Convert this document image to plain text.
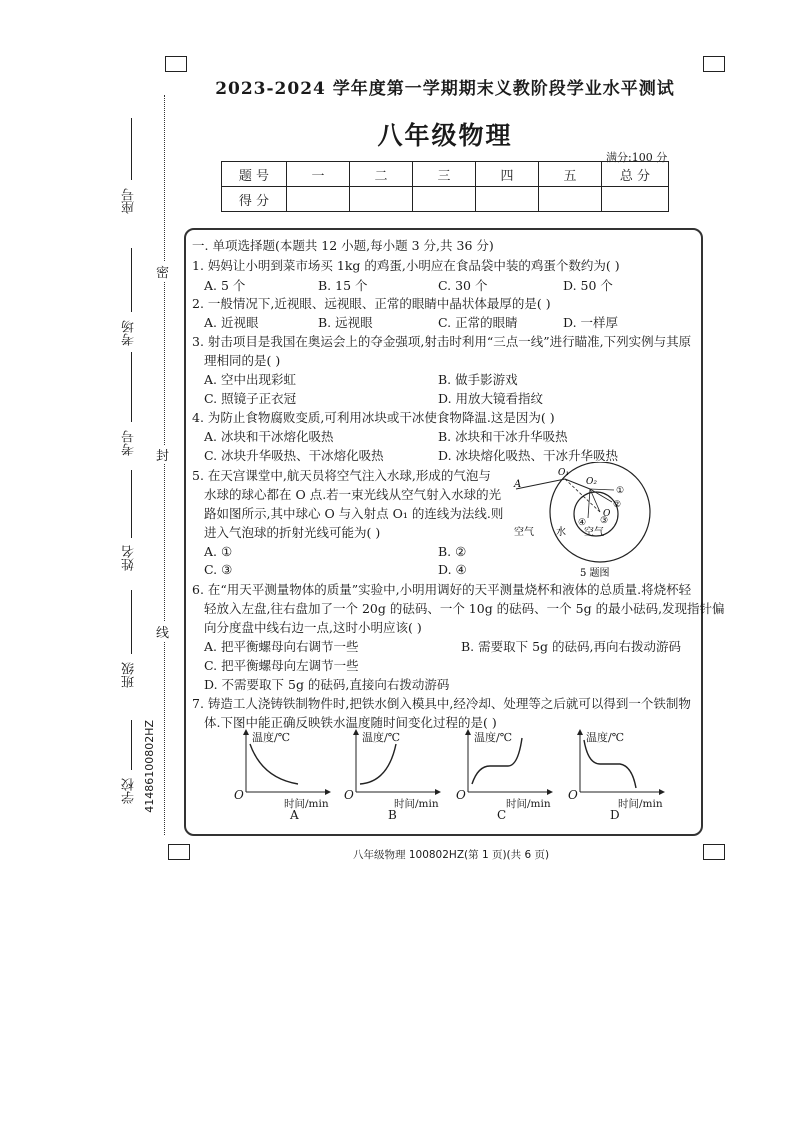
座号
考场
考号
姓名
班级
学校 41486100802HZ
密
封
线
2023-2024 学年度第一学期期末义教阶段学业水平测试
八年级物理
满分:100 分
题 号	一	二	三	四	五	总 分
得 分						
一. 单项选择题(本题共 12 小题,每小题 3 分,共 36 分)
1. 妈妈让小明到菜市场买 1kg 的鸡蛋,小明应在食品袋中装的鸡蛋个数约为( )
A. 5 个	B. 15 个	C. 30 个	D. 50 个
2. 一般情况下,近视眼、远视眼、正常的眼睛中晶状体最厚的是( )
A. 近视眼	B. 远视眼	C. 正常的眼睛	D. 一样厚
3. 射击项目是我国在奥运会上的夺金强项,射击时利用“三点一线”进行瞄准,下列实例与其原
理相同的是( )
A. 空中出现彩虹	B. 做手影游戏
C. 照镜子正衣冠	D. 用放大镜看指纹
4. 为防止食物腐败变质,可利用冰块或干冰使食物降温.这是因为( )
A. 冰块和干冰熔化吸热	B. 冰块和干冰升华吸热
C. 冰块升华吸热、干冰熔化吸热	D. 冰块熔化吸热、干冰升华吸热
5. 在天宫课堂中,航天员将空气注入水球,形成的气泡与
水球的球心都在 O 点.若一束光线从空气射入水球的光
路如图所示,其中球心 O 与入射点 O₁ 的连线为法线.则
进入气泡球的折射光线可能为( )
A. ①	B. ②
C. ③	D. ④
A
O₁
O₂
O
①
②
③
④
空气 水 空气
5 题图
6. 在“用天平测量物体的质量”实验中,小明用调好的天平测量烧杯和液体的总质量.将烧杯轻
轻放入左盘,往右盘加了一个 20g 的砝码、一个 10g 的砝码、一个 5g 的最小砝码,发现指针偏
向分度盘中线右边一点,这时小明应该( )
A. 把平衡螺母向右调节一些	B. 需要取下 5g 的砝码,再向右拨动游码
C. 把平衡螺母向左调节一些
D. 不需要取下 5g 的砝码,直接向右拨动游码
7. 铸造工人浇铸铁制物件时,把铁水倒入模具中,经冷却、处理等之后就可以得到一个铁制物
体.下图中能正确反映铁水温度随时间变化过程的是( )
温度/℃	温度/℃	温度/℃	温度/℃
O	O	O	O
时间/min	时间/min	时间/min	时间/min
A	B	C	D
八年级物理 100802HZ(第 1 页)(共 6 页)
